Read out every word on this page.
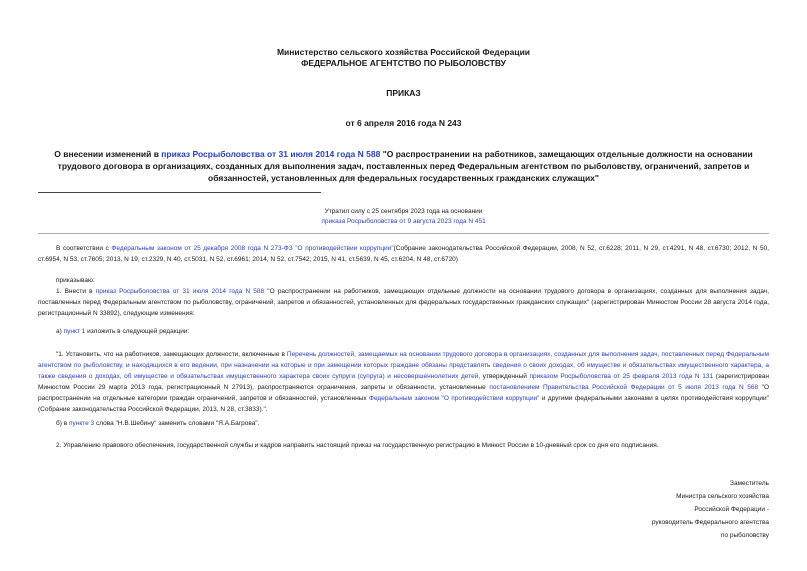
Министерство сельского хозяйства Российской Федерации
ФЕДЕРАЛЬНОЕ АГЕНТСТВО ПО РЫБОЛОВСТВУ
ПРИКАЗ
от 6 апреля 2016 года N 243
О внесении изменений в приказ Росрыболовства от 31 июля 2014 года N 588 "О распространении на работников, замещающих отдельные должности на основании трудового договора в организациях, созданных для выполнения задач, поставленных перед Федеральным агентством по рыболовству, ограничений, запретов и обязанностей, установленных для федеральных государственных гражданских служащих"
Утратил силу с 25 сентября 2023 года на основании
приказа Росрыболовства от 9 августа 2023 года N 451
В соответствии с Федеральным законом от 25 декабря 2008 года N 273-ФЗ "О противодействии коррупции"(Собрание законодательства Российской Федерации, 2008, N 52, ст.6228; 2011, N 29, ст.4291, N 48, ст.6730; 2012, N 50, ст.6954, N 53, ст.7605; 2013, N 19, ст.2329, N 40, ст.5031, N 52, ст.6961; 2014, N 52, ст.7542; 2015, N 41, ст.5639, N 45, ст.6204, N 48, ст.6720)
приказываю:
1. Внести в приказ Росрыболовства от 31 июля 2014 года N 588 "О распространении на работников, замещающих отдельные должности на основании трудового договора в организациях, созданных для выполнения задач, поставленных перед Федеральным агентством по рыболовству, ограничений, запретов и обязанностей, установленных для федеральных государственных гражданских служащих" (зарегистрирован Минюстом России 28 августа 2014 года, регистрационный N 33892), следующие изменения:
а) пункт 1 изложить в следующей редакции:
"1. Установить, что на работников, замещающих должности, включенные в Перечень должностей, замещаемых на основании трудового договора в организациях, созданных для выполнения задач, поставленных перед Федеральным агентством по рыболовству, и находящихся в его ведении, при назначении на которые и при замещении которых граждане обязаны представлять сведения о своих доходах, об имуществе и обязательствах имущественного характера, а также сведения о доходах, об имуществе и обязательствах имущественного характера своих супруги (супруга) и несовершеннолетних детей, утвержденный приказом Росрыболовства от 25 февраля 2013 года N 131 (зарегистрирован Минюстом России 29 марта 2013 года, регистрационный N 27913), распространяются ограничения, запреты и обязанности, установленные постановлением Правительства Российской Федерации от 5 июля 2013 года N 568 "О распространении на отдельные категории граждан ограничений, запретов и обязанностей, установленных Федеральным законом "О противодействии коррупции" и другими федеральными законами в целях противодействия коррупции" (Собрание законодательства Российской Федерации, 2013, N 28, ст.3833).".
б) в пункте 3 слова "Н.В.Шебину" заменить словами "Я.А.Багрова".
2. Управлению правового обеспечения, государственной службы и кадров направить настоящий приказ на государственную регистрацию в Минюст России в 10-дневный срок со дня его подписания.
Заместитель
Министра сельского хозяйства
Российской Федерации -
руководитель Федерального агентства
по рыболовству
